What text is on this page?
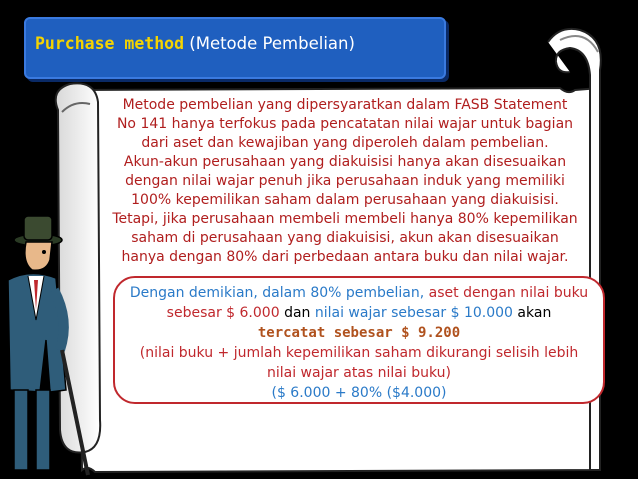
Purchase method (Metode Pembelian)
Metode pembelian yang dipersyaratkan dalam FASB Statement
No 141 hanya terfokus pada pencatatan nilai wajar untuk bagian
dari aset dan kewajiban yang diperoleh dalam pembelian.
Akun-akun perusahaan yang diakuisisi hanya akan disesuaikan
dengan nilai wajar penuh jika perusahaan induk yang memiliki
100% kepemilikan saham dalam perusahaan yang diakuisisi.
Tetapi, jika perusahaan membeli membeli hanya 80% kepemilikan
saham di perusahaan yang diakuisisi, akun akan disesuaikan
hanya dengan 80% dari perbedaan antara buku dan nilai wajar.
Dengan demikian, dalam 80% pembelian, aset dengan nilai buku
sebesar $ 6.000 dan nilai wajar sebesar $ 10.000 akan
tercatat sebesar $ 9.200
(nilai buku + jumlah kepemilikan saham dikurangi selisih lebih
nilai wajar atas nilai buku)
($ 6.000 + 80% ($4.000)
